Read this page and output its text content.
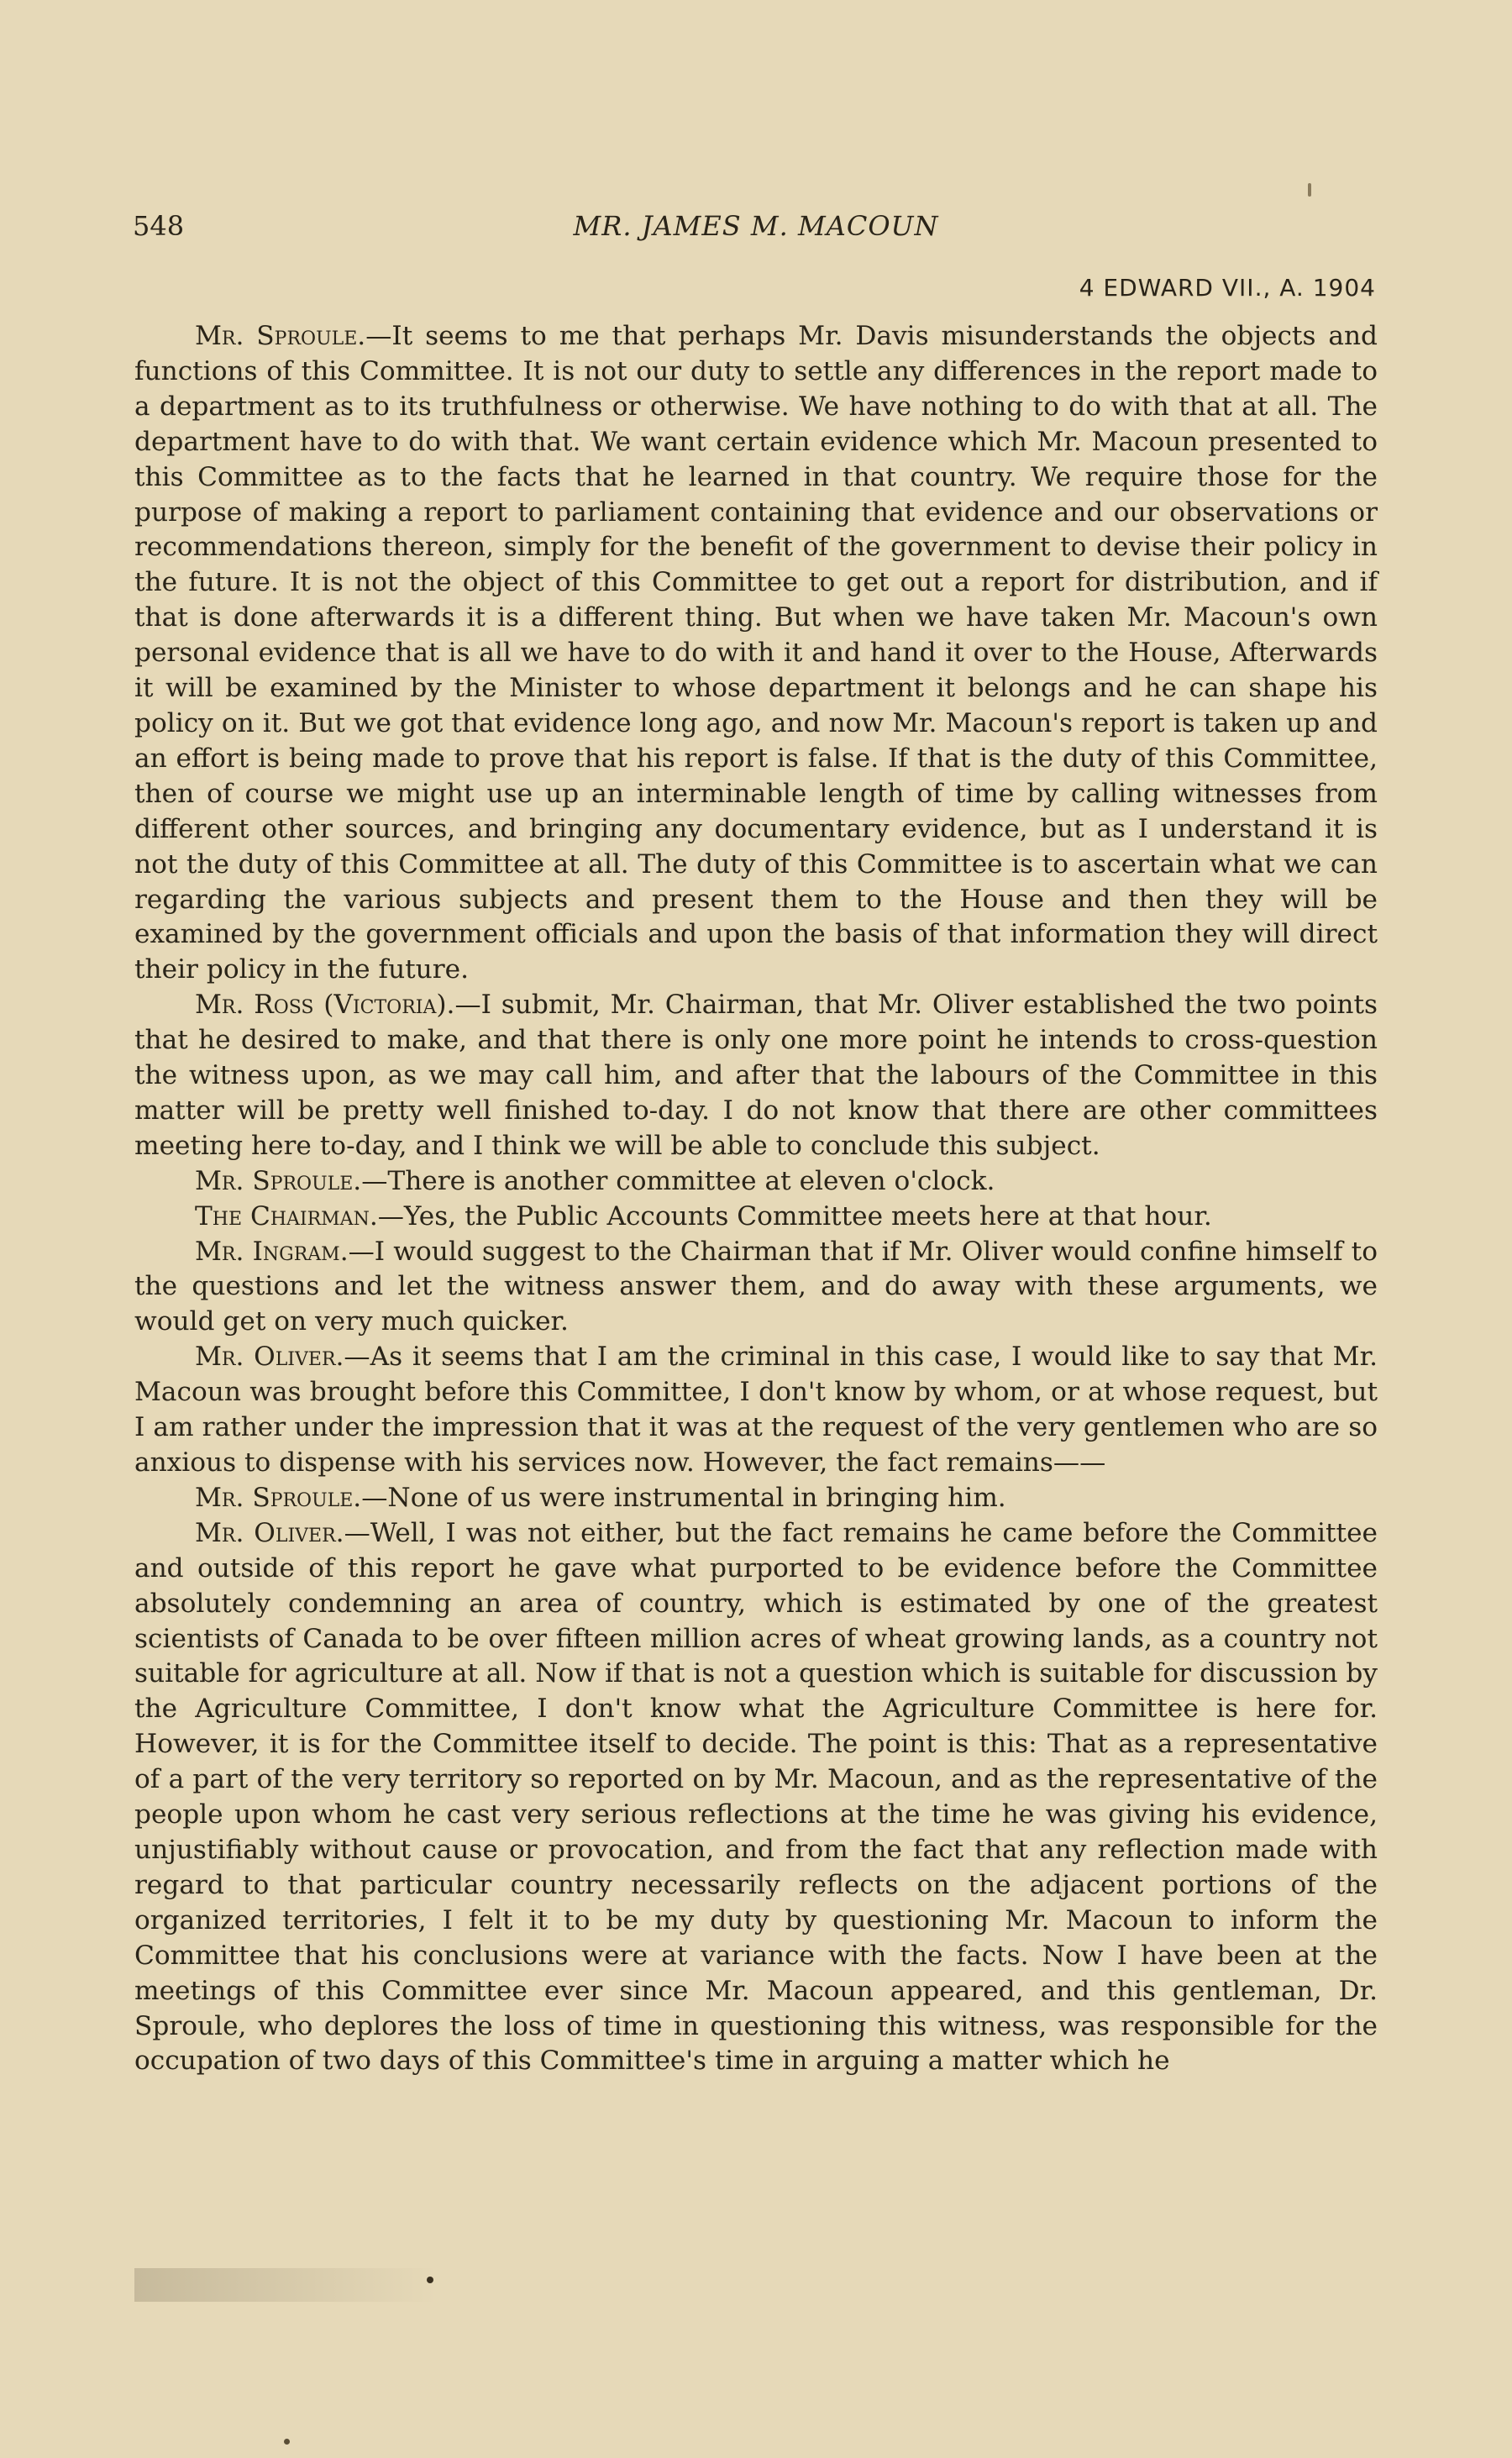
548	MR. JAMES M. MACOUN
4 EDWARD VII., A. 1904

Mr. Sproule.—It seems to me that perhaps Mr. Davis misunderstands the objects and functions of this Committee. It is not our duty to settle any differences in the report made to a department as to its truthfulness or otherwise. We have nothing to do with that at all. The department have to do with that. We want certain evidence which Mr. Macoun presented to this Committee as to the facts that he learned in that country. We require those for the purpose of making a report to parliament containing that evidence and our observations or recommendations thereon, simply for the benefit of the government to devise their policy in the future. It is not the object of this Committee to get out a report for distribution, and if that is done afterwards it is a different thing. But when we have taken Mr. Macoun's own personal evidence that is all we have to do with it and hand it over to the House, Afterwards it will be examined by the Minister to whose department it belongs and he can shape his policy on it. But we got that evidence long ago, and now Mr. Macoun's report is taken up and an effort is being made to prove that his report is false. If that is the duty of this Committee, then of course we might use up an interminable length of time by calling witnesses from different other sources, and bringing any documentary evidence, but as I understand it is not the duty of this Committee at all. The duty of this Committee is to ascertain what we can regarding the various subjects and present them to the House and then they will be examined by the government officials and upon the basis of that information they will direct their policy in the future.

Mr. Ross (Victoria).—I submit, Mr. Chairman, that Mr. Oliver established the two points that he desired to make, and that there is only one more point he intends to cross-question the witness upon, as we may call him, and after that the labours of the Committee in this matter will be pretty well finished to-day. I do not know that there are other committees meeting here to-day, and I think we will be able to conclude this subject.

Mr. Sproule.—There is another committee at eleven o'clock.

The Chairman.—Yes, the Public Accounts Committee meets here at that hour.

Mr. Ingram.—I would suggest to the Chairman that if Mr. Oliver would confine himself to the questions and let the witness answer them, and do away with these arguments, we would get on very much quicker.

Mr. Oliver.—As it seems that I am the criminal in this case, I would like to say that Mr. Macoun was brought before this Committee, I don't know by whom, or at whose request, but I am rather under the impression that it was at the request of the very gentlemen who are so anxious to dispense with his services now. However, the fact remains——

Mr. Sproule.—None of us were instrumental in bringing him.

Mr. Oliver.—Well, I was not either, but the fact remains he came before the Committee and outside of this report he gave what purported to be evidence before the Committee absolutely condemning an area of country, which is estimated by one of the greatest scientists of Canada to be over fifteen million acres of wheat growing lands, as a country not suitable for agriculture at all. Now if that is not a question which is suitable for discussion by the Agriculture Committee, I don't know what the Agriculture Committee is here for. However, it is for the Committee itself to decide. The point is this: That as a representative of a part of the very territory so reported on by Mr. Macoun, and as the representative of the people upon whom he cast very serious reflections at the time he was giving his evidence, unjustifiably without cause or provocation, and from the fact that any reflection made with regard to that particular country necessarily reflects on the adjacent portions of the organized territories, I felt it to be my duty by questioning Mr. Macoun to inform the Committee that his conclusions were at variance with the facts. Now I have been at the meetings of this Committee ever since Mr. Macoun appeared, and this gentleman, Dr. Sproule, who deplores the loss of time in questioning this witness, was responsible for the occupation of two days of this Committee's time in arguing a matter which he
